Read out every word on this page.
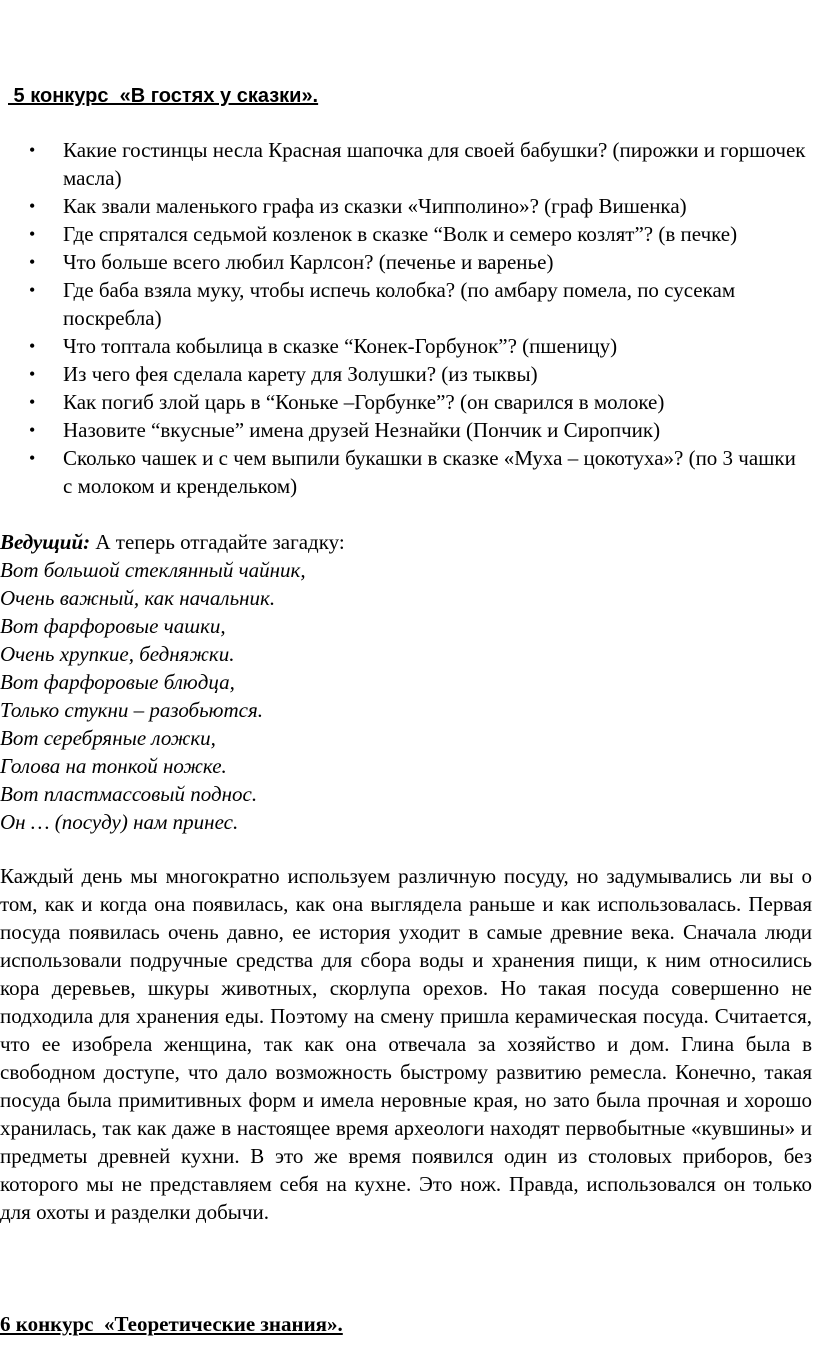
5 конкурс  «В гостях у сказки».
• Какие гостинцы несла Красная шапочка для своей бабушки? (пирожки и горшочек масла)
• Как звали маленького графа из сказки «Чипполино»? (граф Вишенка)
• Где спрятался седьмой козленок в сказке “Волк и семеро козлят”? (в печке)
• Что больше всего любил Карлсон? (печенье и варенье)
• Где баба взяла муку, чтобы испечь колобка? (по амбару помела, по сусекам поскребла)
• Что топтала кобылица в сказке “Конек-Горбунок”? (пшеницу)
• Из чего фея сделала карету для Золушки? (из тыквы)
• Как погиб злой царь в “Коньке –Горбунке”? (он сварился в молоке)
• Назовите “вкусные” имена друзей Незнайки (Пончик и Сиропчик)
• Сколько чашек и с чем выпили букашки в сказке «Муха – цокотуха»? (по 3 чашки с молоком и крендельком)
Ведущий: А теперь отгадайте загадку:
Вот большой стеклянный чайник,
Очень важный, как начальник.
Вот фарфоровые чашки,
Очень хрупкие, бедняжки.
Вот фарфоровые блюдца,
Только стукни – разобьются.
Вот серебряные ложки,
Голова на тонкой ножке.
Вот пластмассовый поднос.
Он … (посуду) нам принес.
Каждый день мы многократно используем различную посуду, но задумывались ли вы о том, как и когда она появилась, как она выглядела раньше и как использовалась. Первая посуда появилась очень давно, ее история уходит в самые древние века. Сначала люди использовали подручные средства для сбора воды и хранения пищи, к ним относились кора деревьев, шкуры животных, скорлупа орехов. Но такая посуда совершенно не подходила для хранения еды. Поэтому на смену пришла керамическая посуда. Считается, что ее изобрела женщина, так как она отвечала за хозяйство и дом. Глина была в свободном доступе, что дало возможность быстрому развитию ремесла. Конечно, такая посуда была примитивных форм и имела неровные края, но зато была прочная и хорошо хранилась, так как даже в настоящее время археологи находят первобытные «кувшины» и предметы древней кухни. В это же время появился один из столовых приборов, без которого мы не представляем себя на кухне. Это нож. Правда, использовался он только для охоты и разделки добычи.
6 конкурс  «Теоретические знания».
